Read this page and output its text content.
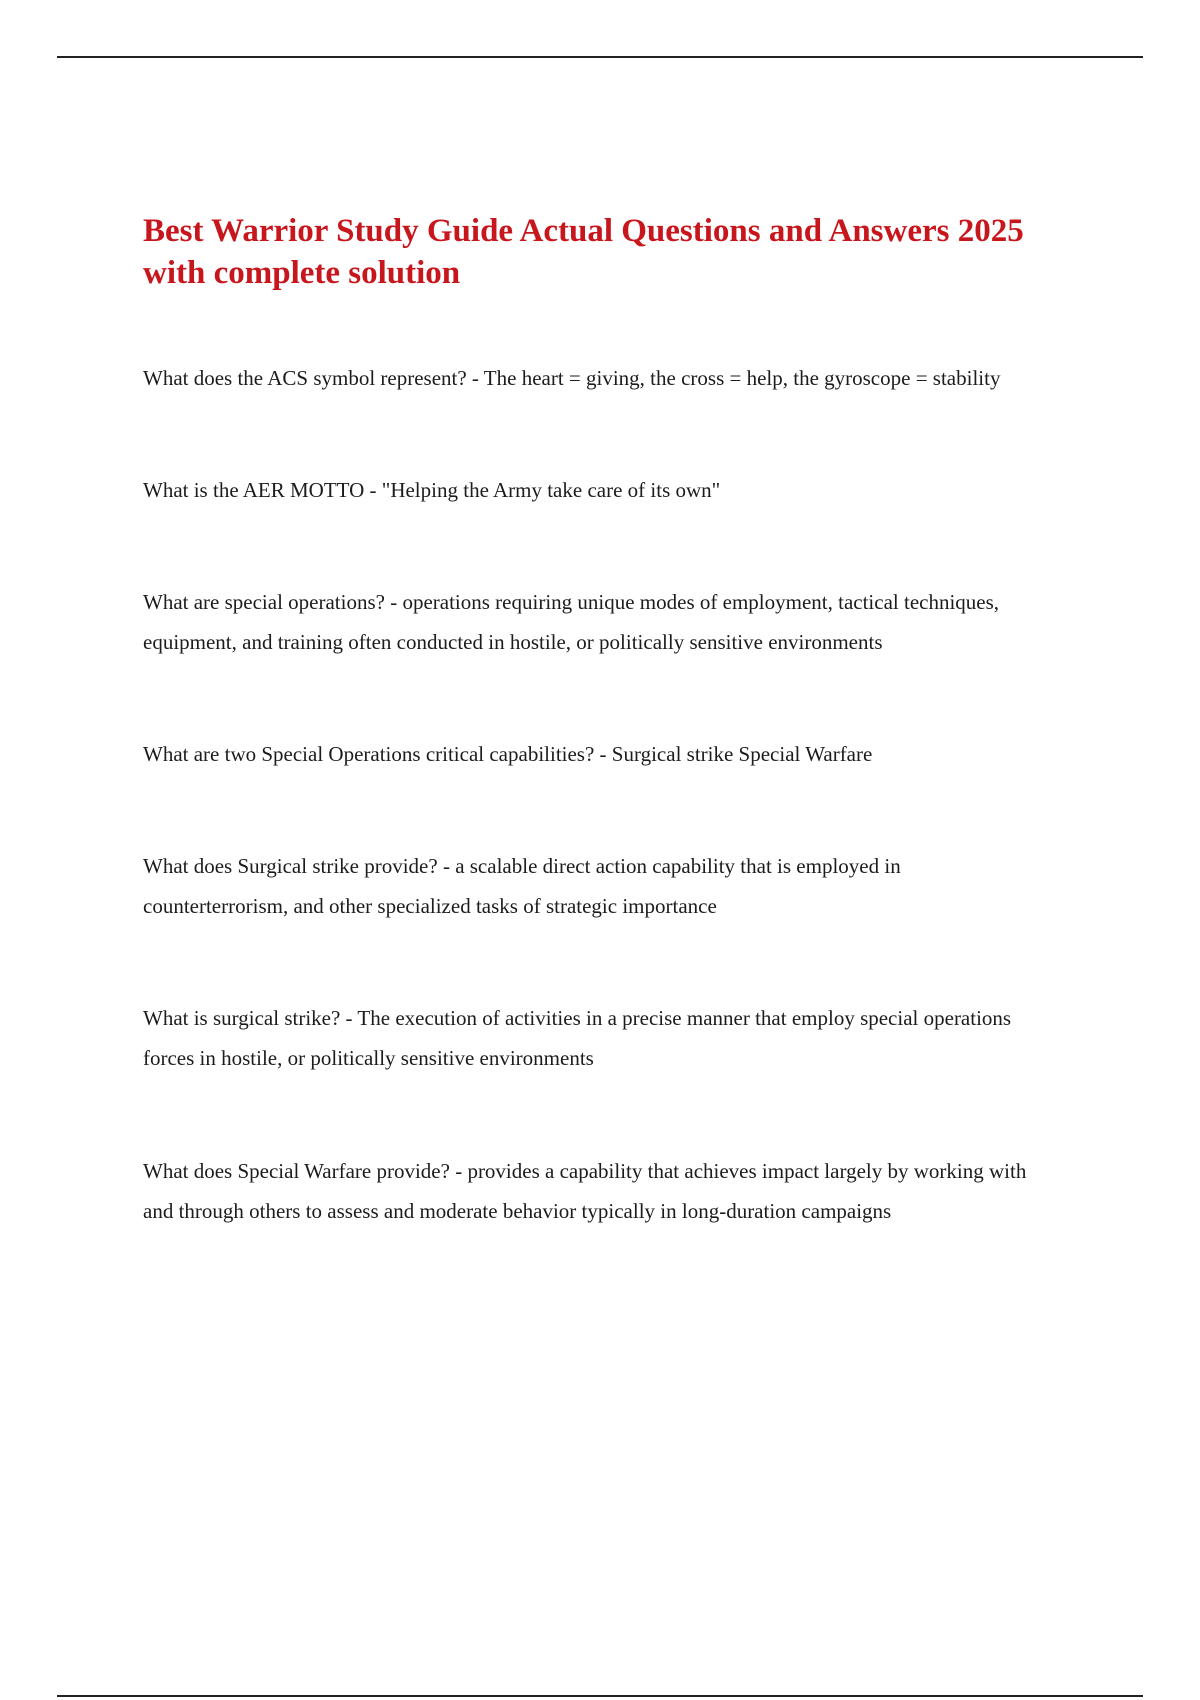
Best Warrior Study Guide Actual Questions and Answers 2025 with complete solution
What does the ACS symbol represent? - The heart = giving, the cross = help, the gyroscope = stability
What is the AER MOTTO - "Helping the Army take care of its own"
What are special operations? - operations requiring unique modes of employment, tactical techniques, equipment, and training often conducted in hostile, or politically sensitive environments
What are two Special Operations critical capabilities? - Surgical strike Special Warfare
What does Surgical strike provide? - a scalable direct action capability that is employed in counterterrorism, and other specialized tasks of strategic importance
What is surgical strike? - The execution of activities in a precise manner that employ special operations forces in hostile, or politically sensitive environments
What does Special Warfare provide? - provides a capability that achieves impact largely by working with and through others to assess and moderate behavior typically in long-duration campaigns
